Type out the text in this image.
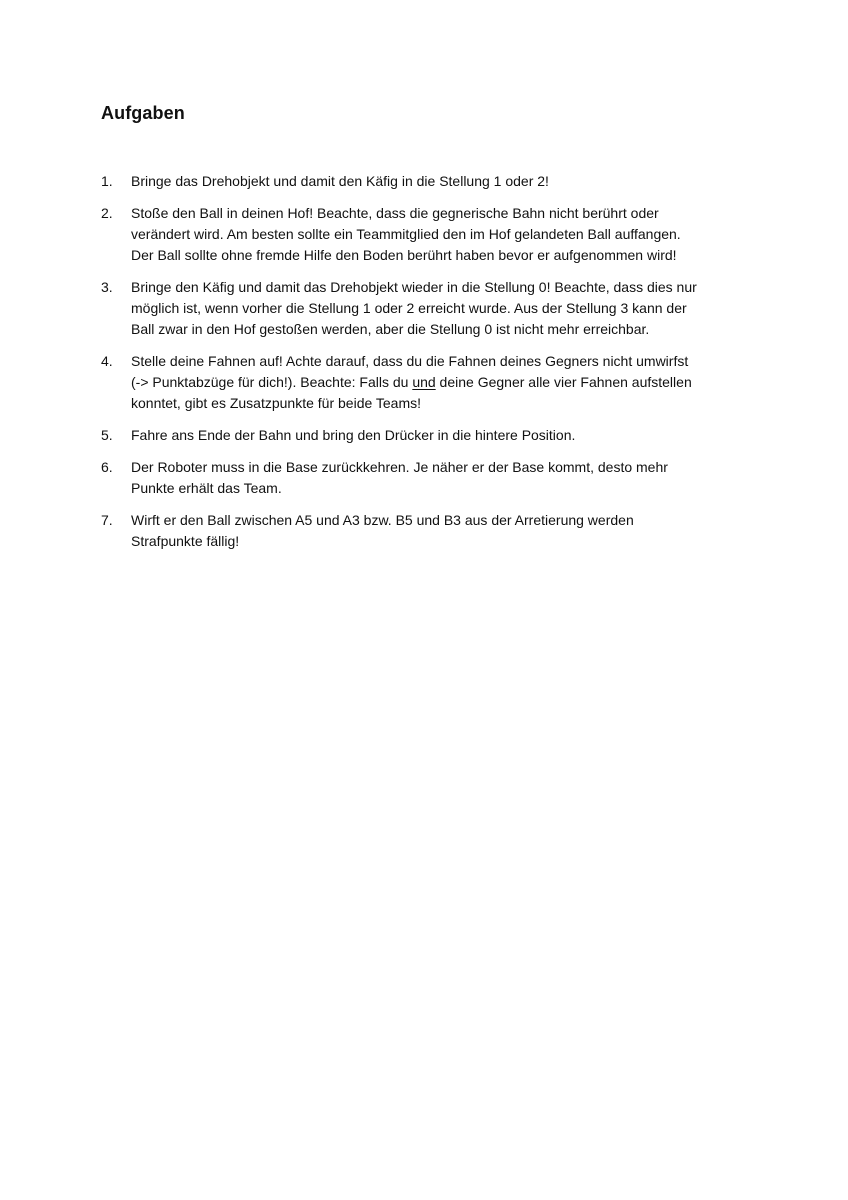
Aufgaben
1.	Bringe das Drehobjekt und damit den Käfig in die Stellung 1 oder 2!
2.	Stoße den Ball in deinen Hof! Beachte, dass die gegnerische Bahn nicht berührt oder
verändert wird. Am besten sollte ein Teammitglied den im Hof gelandeten Ball auffangen.
Der Ball sollte ohne fremde Hilfe den Boden berührt haben bevor er aufgenommen wird!
3.	Bringe den Käfig und damit das Drehobjekt wieder in die Stellung 0! Beachte, dass dies nur
möglich ist, wenn vorher die Stellung 1 oder 2 erreicht wurde. Aus der Stellung 3 kann der
Ball zwar in den Hof gestoßen werden, aber die Stellung 0 ist nicht mehr erreichbar.
4.	Stelle deine Fahnen auf! Achte darauf, dass du die Fahnen deines Gegners nicht umwirfst
(-> Punktabzüge für dich!). Beachte: Falls du und deine Gegner alle vier Fahnen aufstellen
konntet, gibt es Zusatzpunkte für beide Teams!
5.	Fahre ans Ende der Bahn und bring den Drücker in die hintere Position.
6.	Der Roboter muss in die Base zurückkehren. Je näher er der Base kommt, desto mehr
Punkte erhält das Team.
7.	Wirft er den Ball zwischen A5 und A3 bzw. B5 und B3 aus der Arretierung werden
Strafpunkte fällig!
